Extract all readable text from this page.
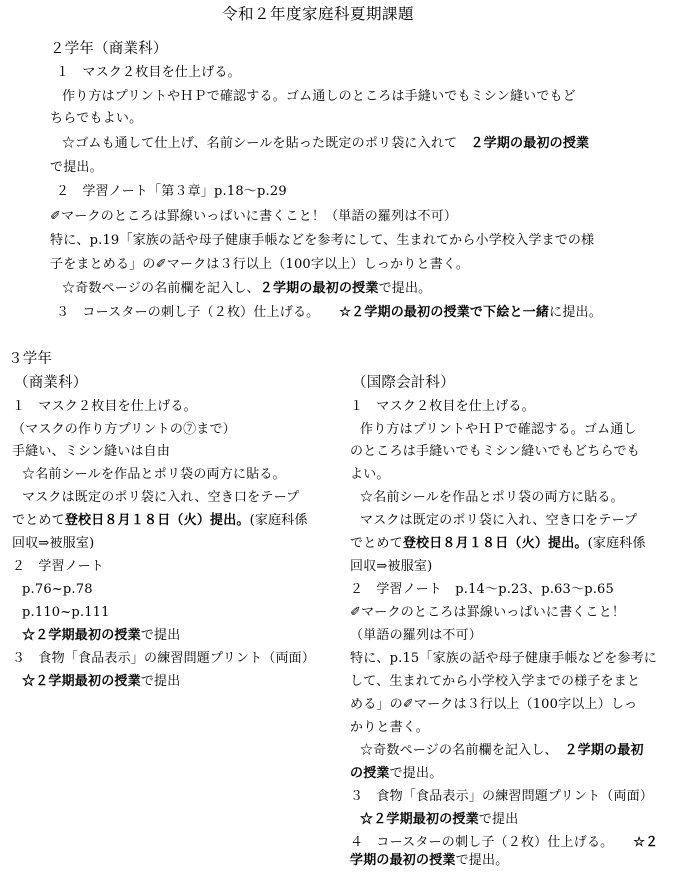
令和２年度家庭科夏期課題
２学年（商業科）
１　マスク２枚目を仕上げる。
作り方はプリントやＨＰで確認する。ゴム通しのところは手縫いでもミシン縫いでもど
ちらでもよい。
☆ゴムも通して仕上げ、名前シールを貼った既定のポリ袋に入れて　 ２学期の最初の授業
で提出。
２　学習ノート「第３章」p.18～p.29
✐マークのところは罫線いっぱいに書くこと！（単語の羅列は不可）
特に、p.19「家族の話や母子健康手帳などを参考にして、生まれてから小学校入学までの様
子をまとめる」の✐マークは３行以上（100字以上）しっかりと書く。
☆奇数ページの名前欄を記入し、２学期の最初の授業で提出。
３　コースターの刺し子（２枚）仕上げる。　　 ☆２学期の最初の授業で下絵と一緒に提出。
３学年
（商業科）
１　マスク２枚目を仕上げる。
（マスクの作り方プリントの⑦まで）
手縫い、ミシン縫いは自由
☆名前シールを作品とポリ袋の両方に貼る。
マスクは既定のポリ袋に入れ、空き口をテープ
でとめて登校日８月１８日（火）提出。(家庭科係
回収⇒被服室)
２　学習ノート
p.76~p.78
p.110~p.111
☆２学期最初の授業で提出
３　食物「食品表示」の練習問題プリント（両面）
☆２学期最初の授業で提出
（国際会計科）
１　マスク２枚目を仕上げる。
作り方はプリントやＨＰで確認する。ゴム通し
のところは手縫いでもミシン縫いでもどちらでも
よい。
☆名前シールを作品とポリ袋の両方に貼る。
マスクは既定のポリ袋に入れ、空き口をテープ
でとめて登校日８月１８日（火）提出。(家庭科係
回収⇒被服室)
２　学習ノート　p.14～p.23、p.63～p.65
✐マークのところは罫線いっぱいに書くこと！
（単語の羅列は不可）
特に、p.15「家族の話や母子健康手帳などを参考に
して、生まれてから小学校入学までの様子をまと
める」の✐マークは３行以上（100字以上）しっ
かりと書く。
☆奇数ページの名前欄を記入し、　 ２学期の最初
の授業で提出。
３　食物「食品表示」の練習問題プリント（両面）
☆２学期最初の授業で提出
４　コースターの刺し子（２枚）仕上げる。　　 ☆２
学期の最初の授業で提出。
